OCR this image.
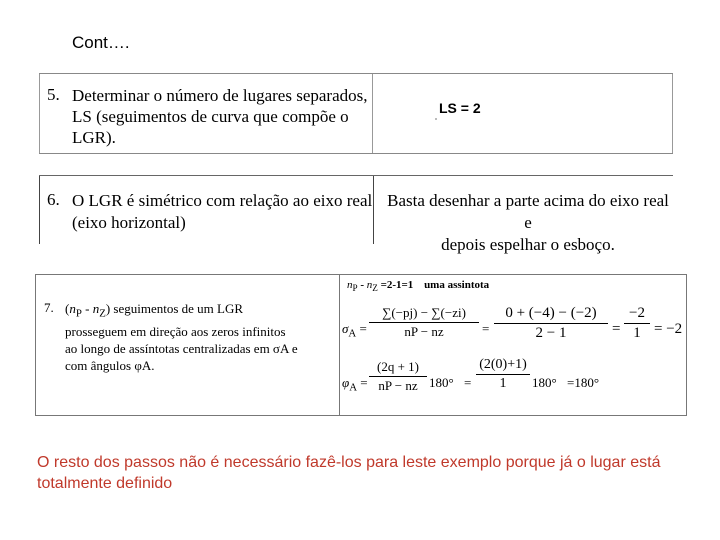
Cont….
5. Determinar o número de lugares separados,
LS (seguimentos de curva que compõe o
LGR).
LS = 2
6. O LGR é simétrico com relação ao eixo real
(eixo horizontal)
Basta desenhar a parte acima do eixo real e
depois espelhar o esboço.
7. $(n_P - n_Z)$ seguimentos de um LGR
prosseguem em direção aos zeros infinitos
ao longo de assíntotas centralizadas em σA e
com ângulos φA.
$n_P - n_Z =2-1=1$ uma assintota
$\sigma_A$ =
∑(−pj) − ∑(−zi)
nP − nz	=
0 + (−4) − (−2)
2 − 1	=
−2
1 = −2
$\varphi_A$ =
(2q + 1)
nP − nz 180° =
(2(0)+1)
1	180° =180°
O resto dos passos não é necessário fazê-los para leste exemplo porque já o lugar está totalmente definido
